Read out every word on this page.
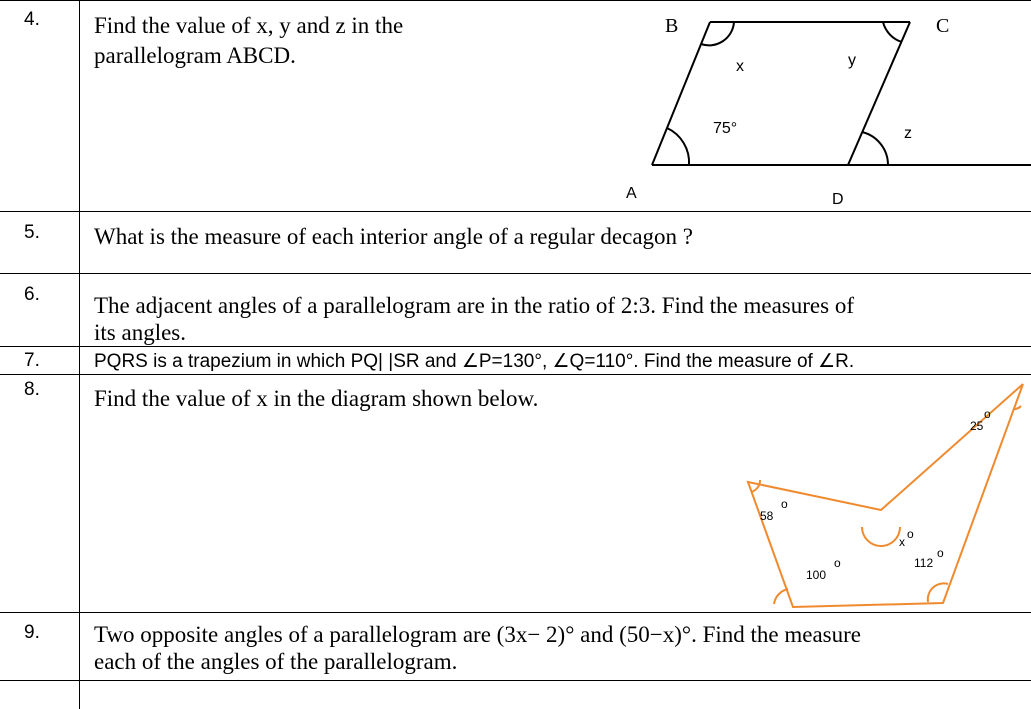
4. Find the value of x, y and z in the
parallelogram ABCD.
B	C
A	D
x	y
z
75°
5. What is the measure of each interior angle of a regular decagon ?
6. The adjacent angles of a parallelogram are in the ratio of 2:3. Find the measures of
its angles.
7.	PQRS is a trapezium in which PQ| |SR and ∠P=130°, ∠Q=110°. Find the measure of ∠R.
8. Find the value of x in the diagram shown below.
25
o
58
o
100
o	112
o
x
o
9. Two opposite angles of a parallelogram are (3x− 2)° and (50−x)°. Find the measure
each of the angles of the parallelogram.
